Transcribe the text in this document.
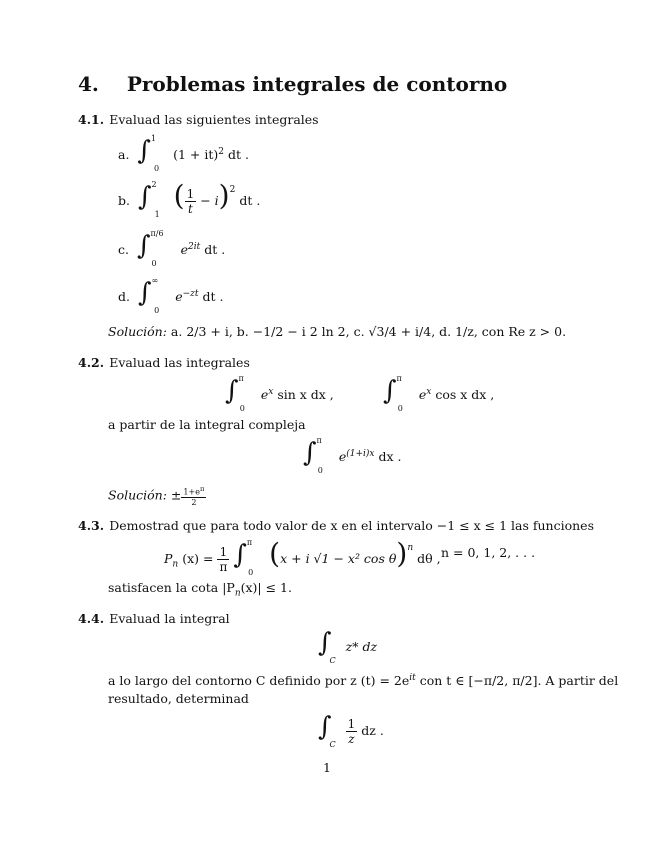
4. Problemas integrales de contorno
4.1. Evaluad las siguientes integrales
a. ∫ $^1$ $_0$ (1 + it)$^2$ dt .
b. ∫ $^2$ $_1$ ( $\frac{1}{t} - i)^2$ dt .
c. ∫ $^{\pi/6}$ $_0$ $e^{2it}$ dt .
d. ∫ ∞ $_0$ $e^{-zt}$ dt .
Solución: a. 2/3 + i, b. −1/2 − i 2 ln 2, c. √3/4 + i/4, d. 1/z, con Re z > 0.
4.2. Evaluad las integrales
∫ $^\pi$ $_0$ $e^x$ sin x dx , ∫ $^\pi$ $_0$ $e^x$ cos x dx ,
a partir de la integral compleja
∫ $^\pi$ $_0$ $e^{(1+i)x}$ dx .
Solución: ± $\frac{1+e^\pi}{2}$
4.3. Demostrad que para todo valor de x en el intervalo −1 ≤ x ≤ 1 las funciones
$P_n$ $(x) = \frac{1}{\pi}$ ∫ $^\pi$ $_0$ (x + i √1 − x² cos θ)$^n$ dθ , n = 0, 1, 2, . . .
satisfacen la cota $|P_n(x)| \le 1$.
4.4. Evaluad la integral
∫ $_C$ z* dz
a lo largo del contorno C definido por z $(t) = 2e^{it}$ con t ∈ [−π/2, π/2]. A partir del
resultado, determinad
∫ $_C \frac{1}{z}$ dz .
1
